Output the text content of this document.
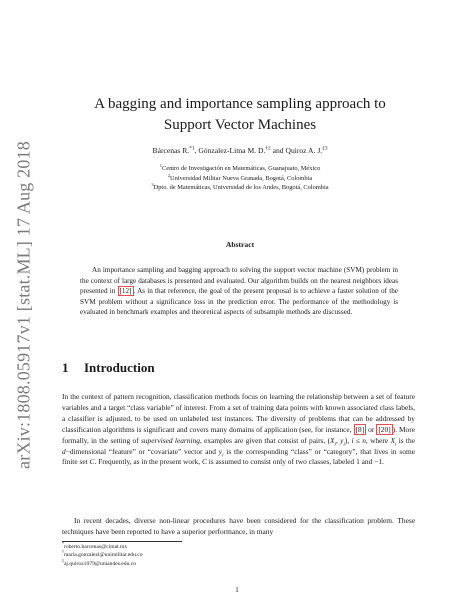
arXiv:1808.05917v1 [stat.ML] 17 Aug 2018
A bagging and importance sampling approach to
Support Vector Machines
Bárcenas R.$^{*1}$, Gónzalez-Lima M. D.$^{\dagger 2}$ and Quiroz A. J.$^{\ddagger 3}$
$^1$Centro de Investigación en Matemáticas, Guanajuato, México
$^2$Universidad Militar Nueva Granada, Bogotá, Colombia
$^3$Dpto. de Matemáticas, Universidad de los Andes, Bogotá, Colombia
Abstract
An importance sampling and bagging approach to solving the support vector machine (SVM) problem in the context of large databases is presented and evaluated. Our algorithm builds on the nearest neighbors ideas presented in [12] . As in that reference, the goal of the present proposal is to achieve a faster solution of the SVM problem without a significance loss in the prediction error. The performance of the methodology is evaluated in benchmark examples and theoretical aspects of subsample methods are discussed.
1 Introduction
In the context of pattern recognition, classification methods focus on learning the relationship between a set of feature variables and a target “class variable” of interest. From a set of training data points with known associated class labels, a classifier is adjusted, to be used on unlabeled test instances. The diversity of problems that can be addressed by classification algorithms is significant and covers many domains of application (see, for instance, [8] or [20] ). More formally, in the setting of supervised learning, examples are given that consist of pairs, ($X_i$, $y_i$), i ≤ n, where $X_i$ is the d−dimensional “feature” or “covariate” vector and $y_i$ is the corresponding “class” or “category”, that lives in some finite set C. Frequently, as in the present work, C is assumed to consist only of two classes, labeled 1 and −1.
In recent decades, diverse non-linear procedures have been considered for the classification problem. These techniques have been reported to have a superior performance, in many
*roberto.barcenas@cimat.mx
†maria.gonzalezl@unimilitar.edu.co
‡aj.quiroz1079@uniandes.edu.co
1
